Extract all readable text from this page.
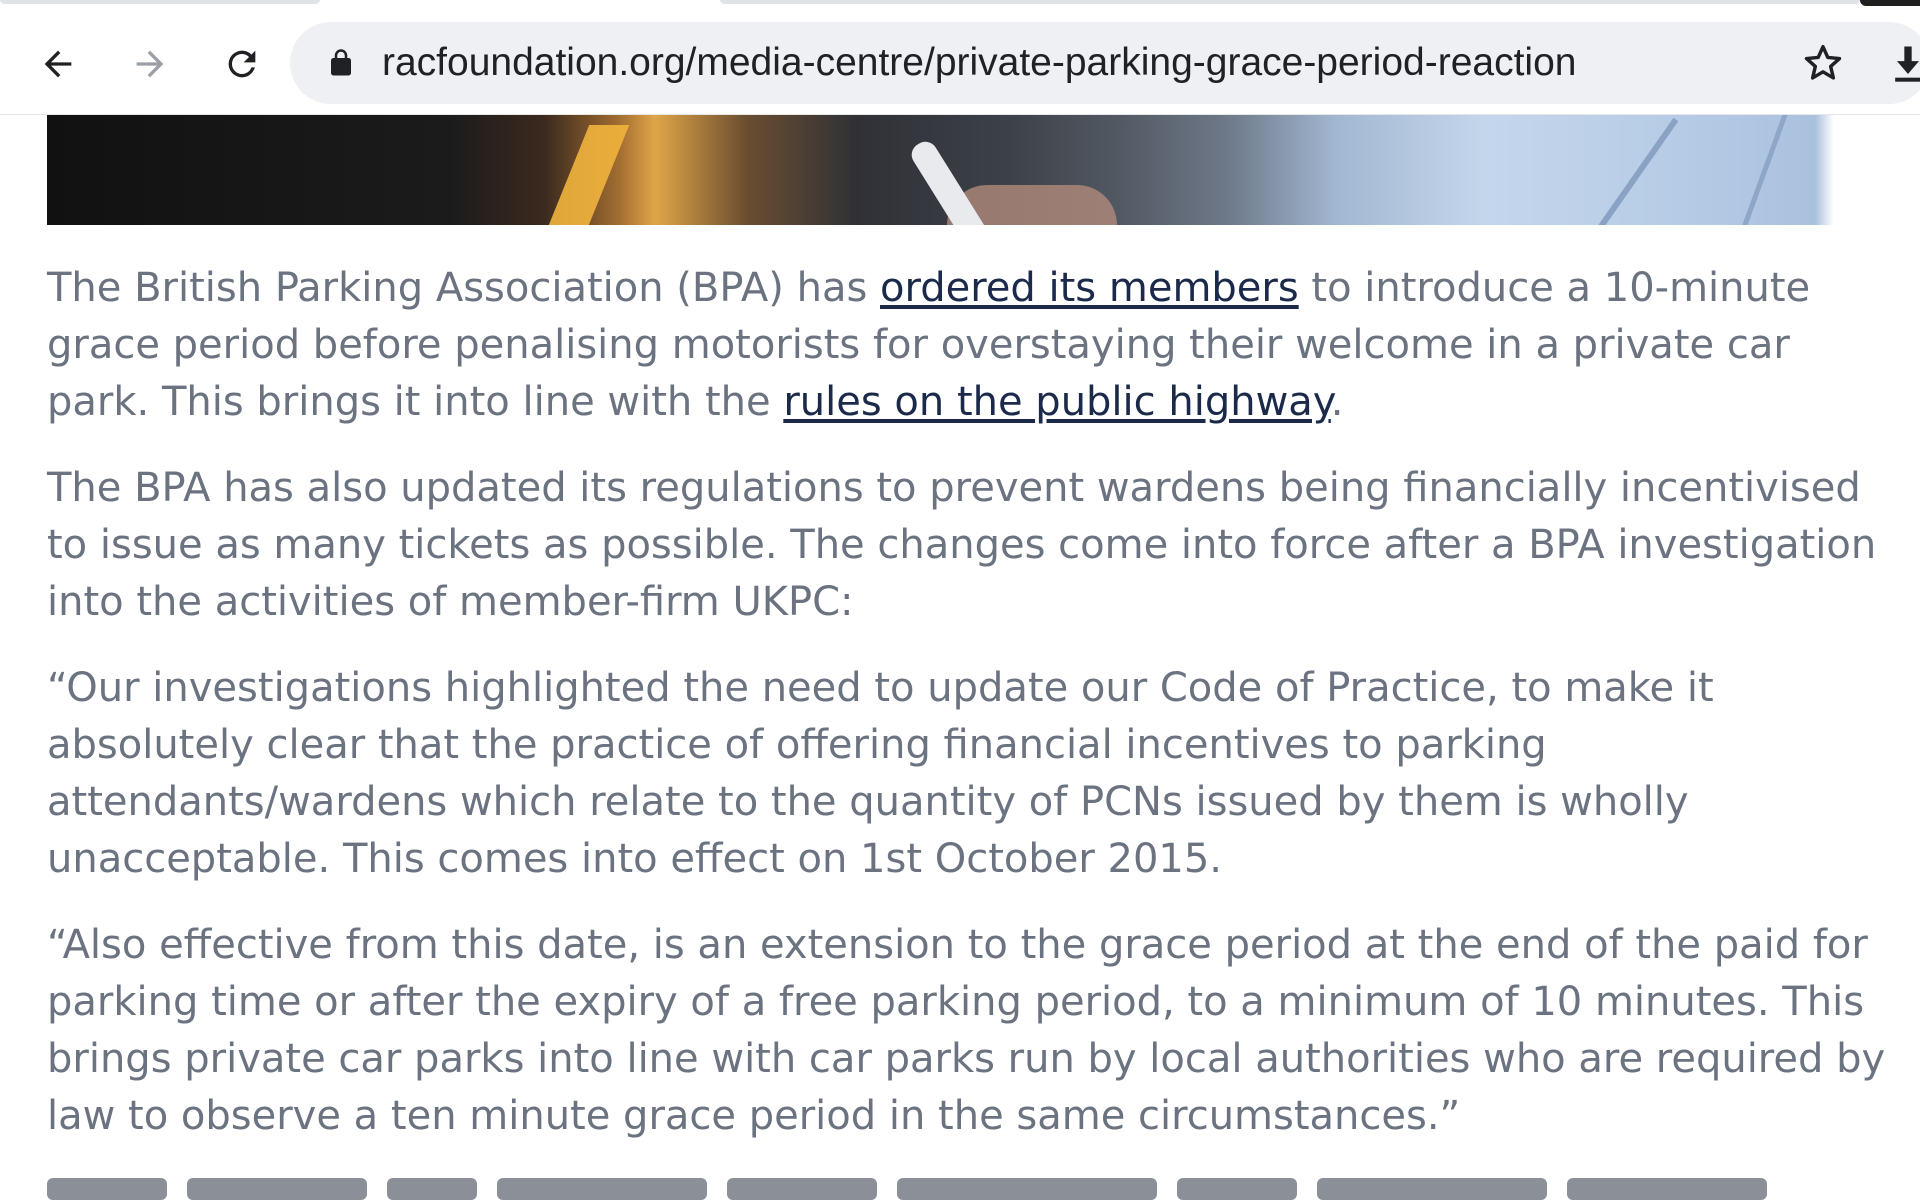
racfoundation.org/media-centre/private-parking-grace-period-reaction

The British Parking Association (BPA) has ordered its members to introduce a 10-minute grace period before penalising motorists for overstaying their welcome in a private car park. This brings it into line with the rules on the public highway.

The BPA has also updated its regulations to prevent wardens being financially incentivised to issue as many tickets as possible. The changes come into force after a BPA investigation into the activities of member-firm UKPC:

“Our investigations highlighted the need to update our Code of Practice, to make it absolutely clear that the practice of offering financial incentives to parking attendants/wardens which relate to the quantity of PCNs issued by them is wholly unacceptable. This comes into effect on 1st October 2015.

“Also effective from this date, is an extension to the grace period at the end of the paid for parking time or after the expiry of a free parking period, to a minimum of 10 minutes. This brings private car parks into line with car parks run by local authorities who are required by law to observe a ten minute grace period in the same circumstances.”
